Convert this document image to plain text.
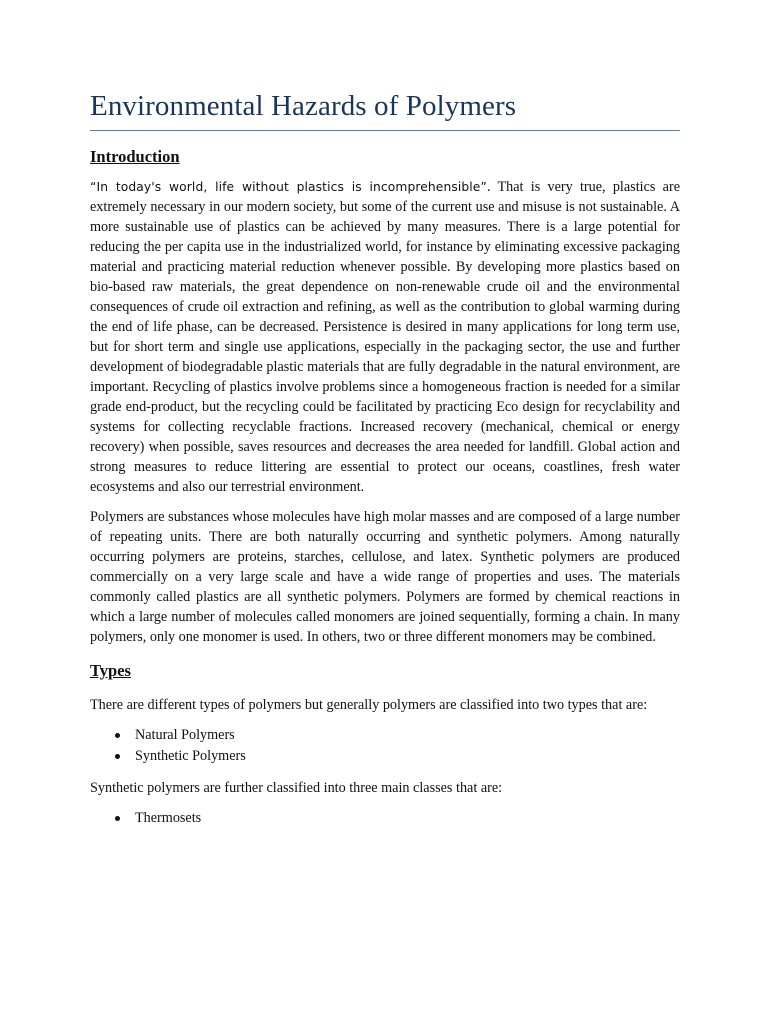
Environmental Hazards of Polymers
Introduction

“In today's world, life without plastics is incomprehensible”. That is very true, plastics are extremely necessary in our modern society, but some of the current use and misuse is not sustainable. A more sustainable use of plastics can be achieved by many measures. There is a large potential for reducing the per capita use in the industrialized world, for instance by eliminating excessive packaging material and practicing material reduction whenever possible. By developing more plastics based on bio-based raw materials, the great dependence on non-renewable crude oil and the environmental consequences of crude oil extraction and refining, as well as the contribution to global warming during the end of life phase, can be decreased. Persistence is desired in many applications for long term use, but for short term and single use applications, especially in the packaging sector, the use and further development of biodegradable plastic materials that are fully degradable in the natural environment, are important. Recycling of plastics involve problems since a homogeneous fraction is needed for a similar grade end-product, but the recycling could be facilitated by practicing Eco design for recyclability and systems for collecting recyclable fractions. Increased recovery (mechanical, chemical or energy recovery) when possible, saves resources and decreases the area needed for landfill. Global action and strong measures to reduce littering are essential to protect our oceans, coastlines, fresh water ecosystems and also our terrestrial environment.

Polymers are substances whose molecules have high molar masses and are composed of a large number of repeating units. There are both naturally occurring and synthetic polymers. Among naturally occurring polymers are proteins, starches, cellulose, and latex. Synthetic polymers are produced commercially on a very large scale and have a wide range of properties and uses. The materials commonly called plastics are all synthetic polymers. Polymers are formed by chemical reactions in which a large number of molecules called monomers are joined sequentially, forming a chain. In many polymers, only one monomer is used. In others, two or three different monomers may be combined.

Types

There are different types of polymers but generally polymers are classified into two types that are:

Natural Polymers
Synthetic Polymers

Synthetic polymers are further classified into three main classes that are:

Thermosets
